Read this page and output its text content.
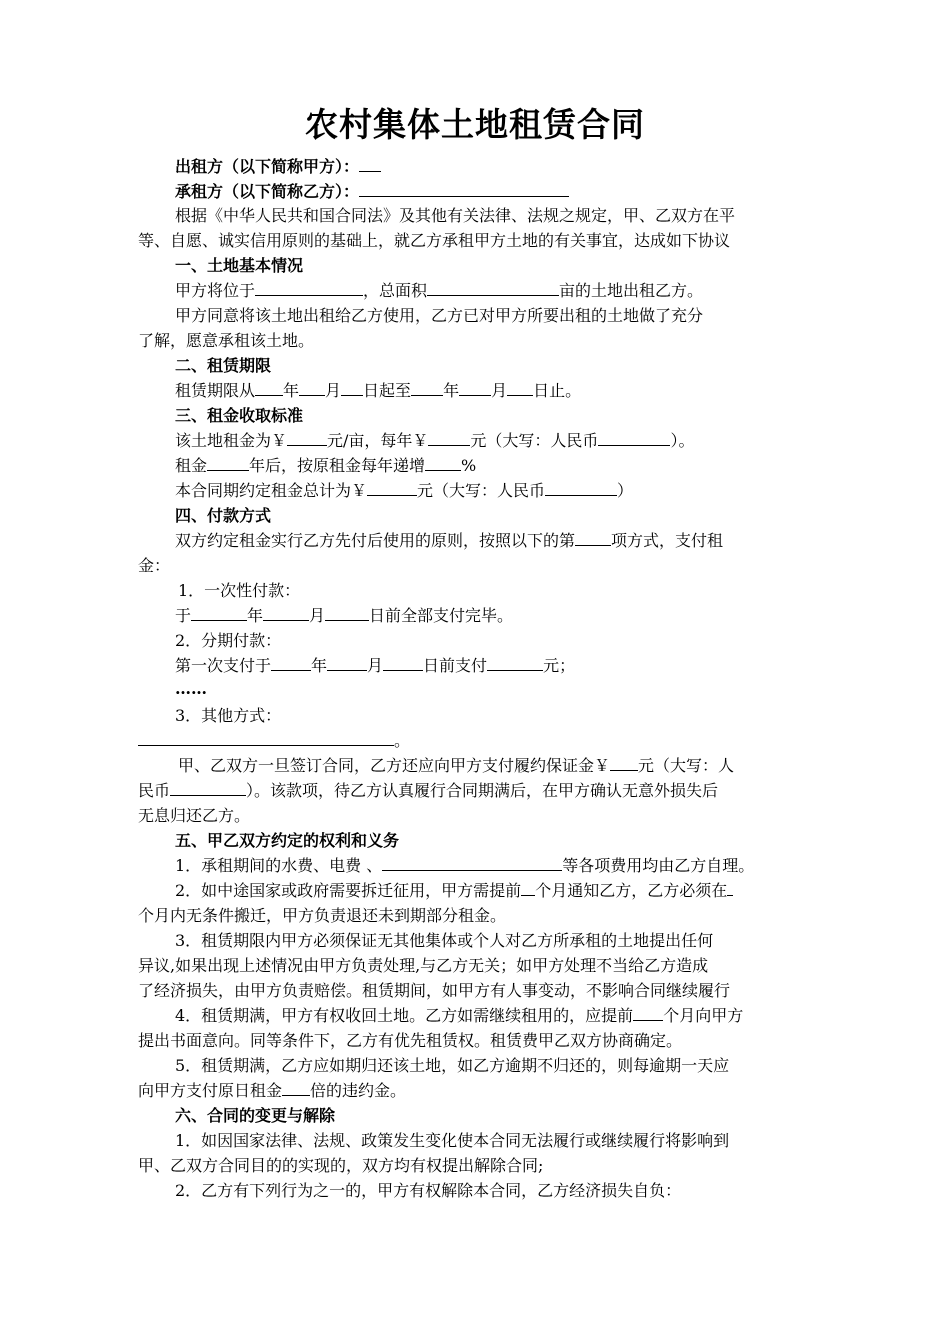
农村集体土地租赁合同

出租方（以下简称甲方）：

承租方（以下简称乙方）：

根据《中华人民共和国合同法》及其他有关法律、法规之规定，甲、乙双方在平

等、自愿、诚实信用原则的基础上，就乙方承租甲方土地的有关事宜，达成如下协议

一、土地基本情况

甲方将位于	，总面积	亩的土地出租乙方。

甲方同意将该土地出租给乙方使用，乙方已对甲方所要出租的土地做了充分

了解，愿意承租该土地。

二、租赁期限

租赁期限从 年 月 日起至 年 月 日止。

三、租金收取标准

该土地租金为￥	元/亩，每年￥	元（大写：人民币	）。

租金	年后，按原租金每年递增 %

本合同期约定租金总计为￥	元（大写：人民币	）

四、付款方式

双方约定租金实行乙方先付后使用的原则，按照以下的第 项方式，支付租

金：

1．一次性付款：

于	年	月	日前全部支付完毕。

2．分期付款：

第一次支付于	年	月	日前支付	元；

……

3．其他方式：

。

甲、乙双方一旦签订合同，乙方还应向甲方支付履约保证金￥ 元（大写：人

民币	）。该款项，待乙方认真履行合同期满后，在甲方确认无意外损失后

无息归还乙方。

五、甲乙双方约定的权利和义务

1．承租期间的水费、电费 、	等各项费用均由乙方自理。

2．如中途国家或政府需要拆迁征用，甲方需提前 个月通知乙方，乙方必须在

个月内无条件搬迁，甲方负责退还未到期部分租金。

3．租赁期限内甲方必须保证无其他集体或个人对乙方所承租的土地提出任何

异议,如果出现上述情况由甲方负责处理,与乙方无关；如甲方处理不当给乙方造成

了经济损失，由甲方负责赔偿。租赁期间，如甲方有人事变动，不影响合同继续履行

4．租赁期满，甲方有权收回土地。乙方如需继续租用的，应提前 个月向甲方

提出书面意向。同等条件下，乙方有优先租赁权。租赁费甲乙双方协商确定。

5．租赁期满，乙方应如期归还该土地，如乙方逾期不归还的，则每逾期一天应

向甲方支付原日租金 倍的违约金。

六、合同的变更与解除

1．如因国家法律、法规、政策发生变化使本合同无法履行或继续履行将影响到

甲、乙双方合同目的的实现的，双方均有权提出解除合同;

2．乙方有下列行为之一的，甲方有权解除本合同，乙方经济损失自负：
